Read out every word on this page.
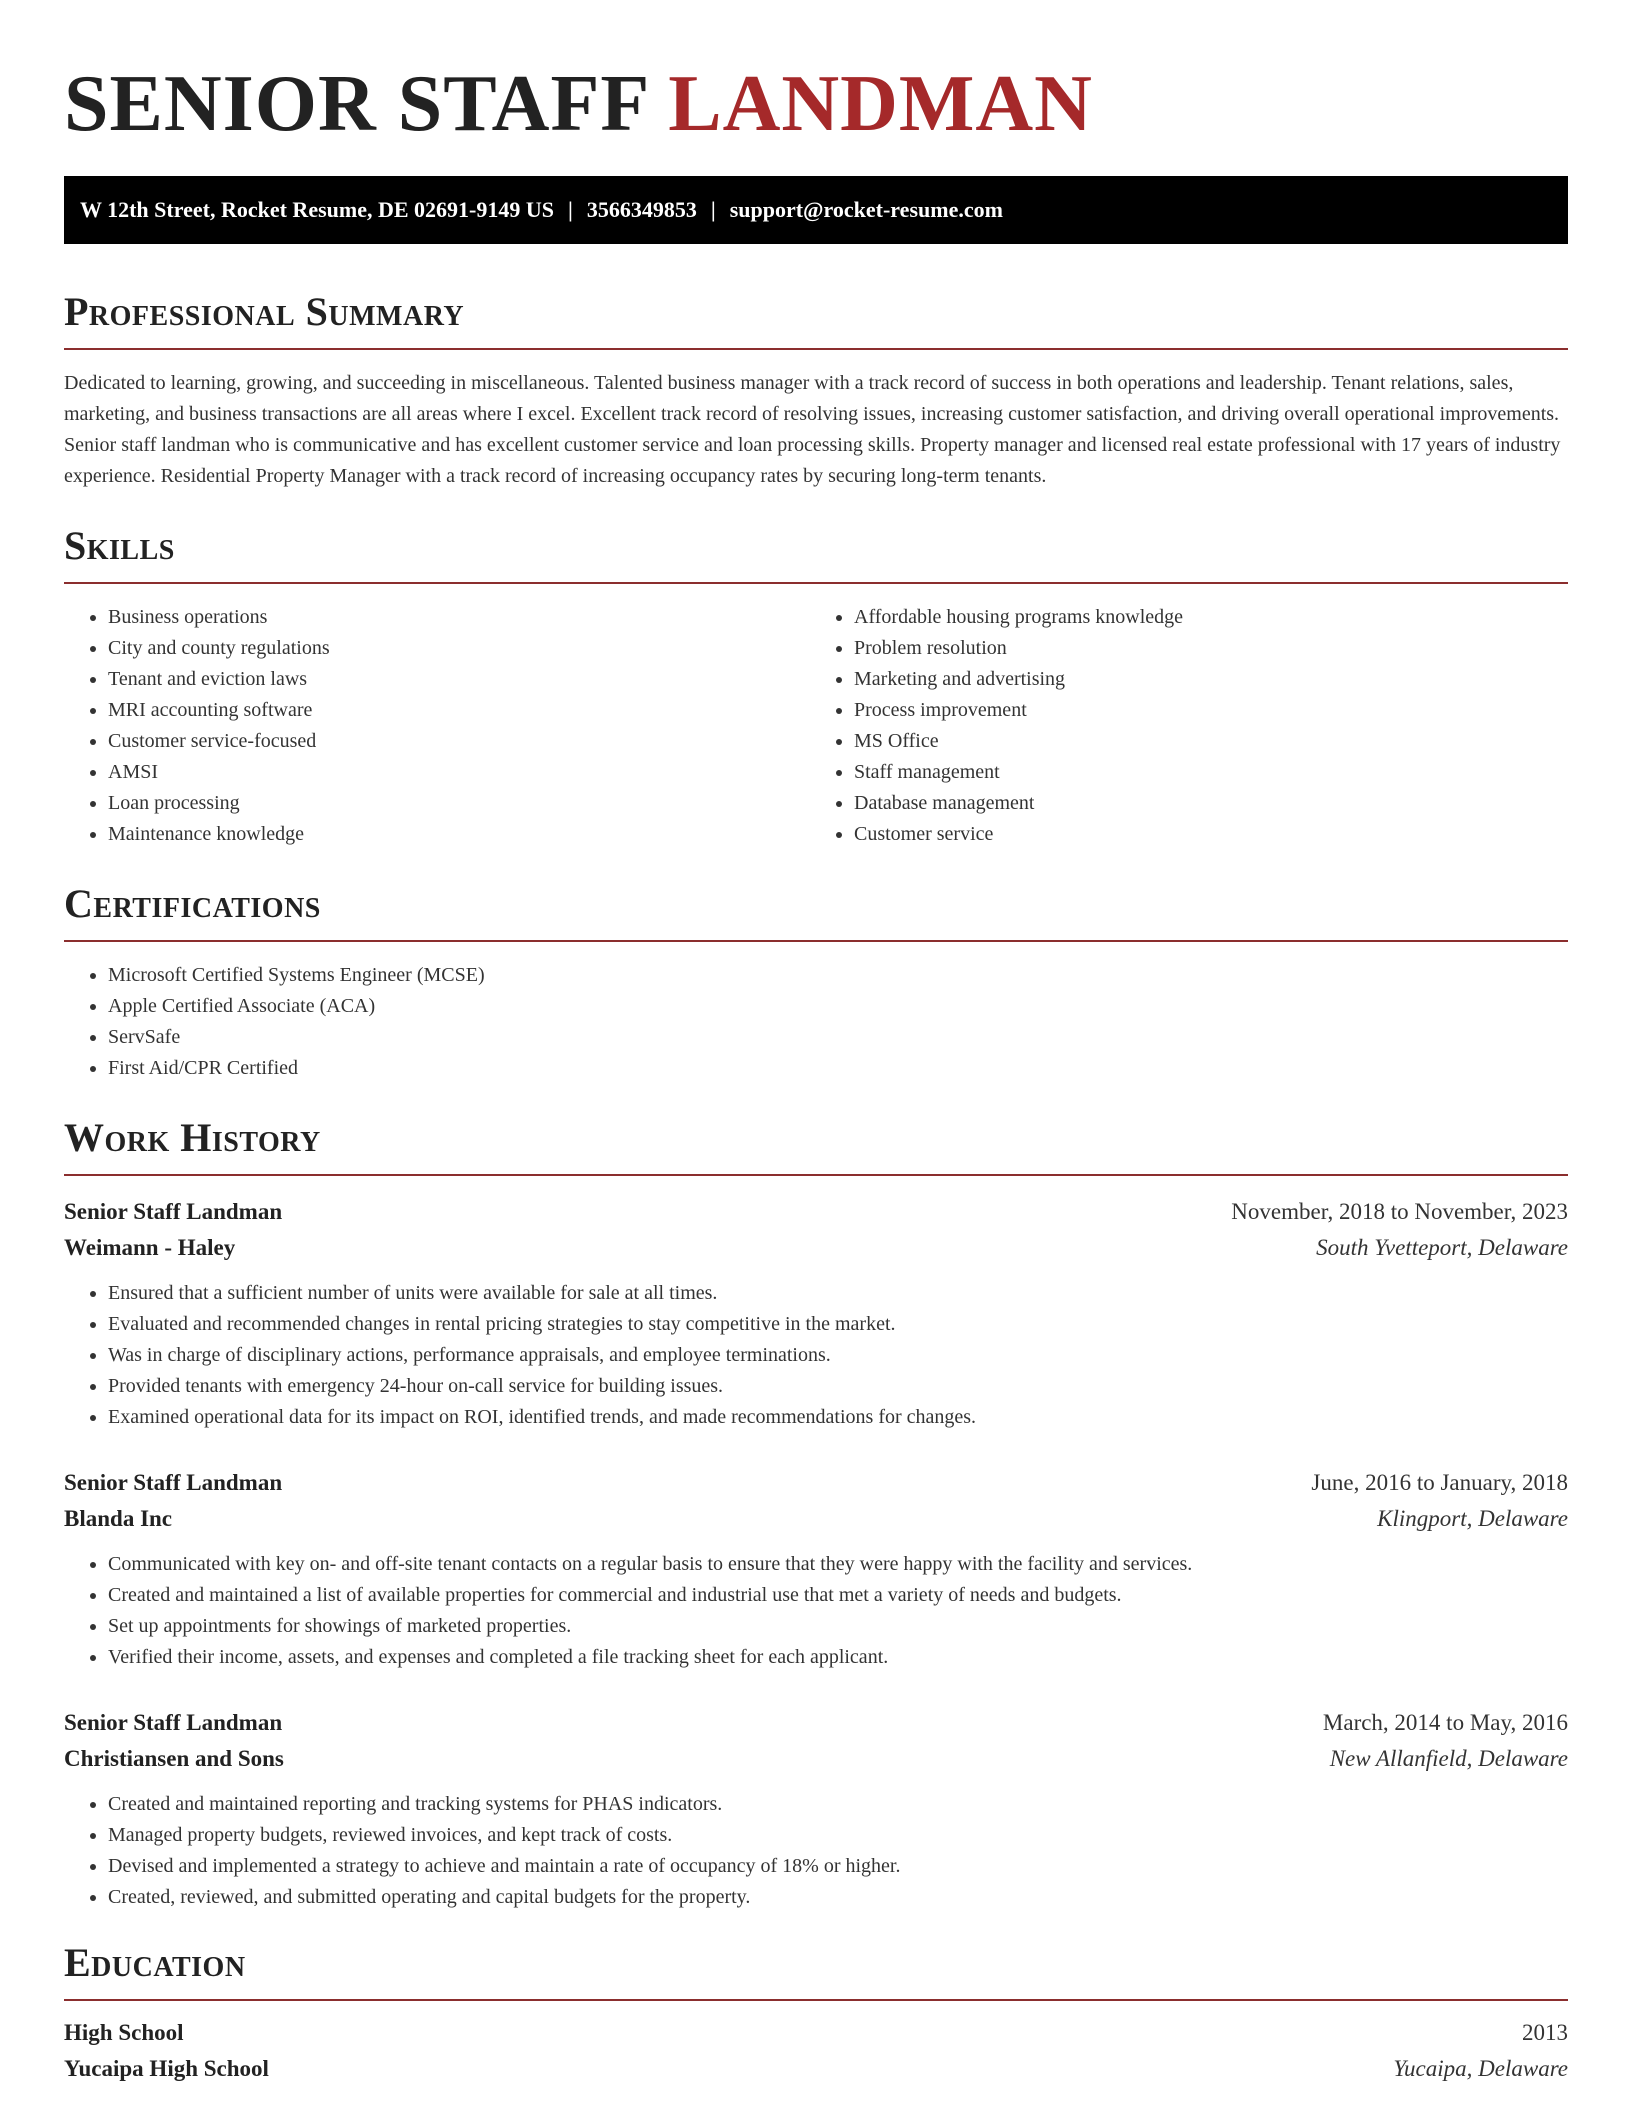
SENIOR STAFF LANDMAN
W 12th Street, Rocket Resume, DE 02691-9149 US | 3566349853 | support@rocket-resume.com
Professional Summary

Dedicated to learning, growing, and succeeding in miscellaneous. Talented business manager with a track record of success in both operations and leadership. Tenant relations, sales, marketing, and business transactions are all areas where I excel. Excellent track record of resolving issues, increasing customer satisfaction, and driving overall operational improvements. Senior staff landman who is communicative and has excellent customer service and loan processing skills. Property manager and licensed real estate professional with 17 years of industry experience. Residential Property Manager with a track record of increasing occupancy rates by securing long-term tenants.

Skills
• Business operations
• City and county regulations
• Tenant and eviction laws
• MRI accounting software
• Customer service-focused
• AMSI
• Loan processing
• Maintenance knowledge
• Affordable housing programs knowledge
• Problem resolution
• Marketing and advertising
• Process improvement
• MS Office
• Staff management
• Database management
• Customer service
Certifications
• Microsoft Certified Systems Engineer (MCSE)
• Apple Certified Associate (ACA)
• ServSafe
• First Aid/CPR Certified
Work History
Senior Staff Landman	November, 2018 to November, 2023
Weimann - Haley	South Yvetteport, Delaware
• Ensured that a sufficient number of units were available for sale at all times.
• Evaluated and recommended changes in rental pricing strategies to stay competitive in the market.
• Was in charge of disciplinary actions, performance appraisals, and employee terminations.
• Provided tenants with emergency 24-hour on-call service for building issues.
• Examined operational data for its impact on ROI, identified trends, and made recommendations for changes.
Senior Staff Landman	June, 2016 to January, 2018
Blanda Inc	Klingport, Delaware
• Communicated with key on- and off-site tenant contacts on a regular basis to ensure that they were happy with the facility and services.
• Created and maintained a list of available properties for commercial and industrial use that met a variety of needs and budgets.
• Set up appointments for showings of marketed properties.
• Verified their income, assets, and expenses and completed a file tracking sheet for each applicant.
Senior Staff Landman	March, 2014 to May, 2016
Christiansen and Sons	New Allanfield, Delaware
• Created and maintained reporting and tracking systems for PHAS indicators.
• Managed property budgets, reviewed invoices, and kept track of costs.
• Devised and implemented a strategy to achieve and maintain a rate of occupancy of 18% or higher.
• Created, reviewed, and submitted operating and capital budgets for the property.
Education
High School	2013
Yucaipa High School	Yucaipa, Delaware
